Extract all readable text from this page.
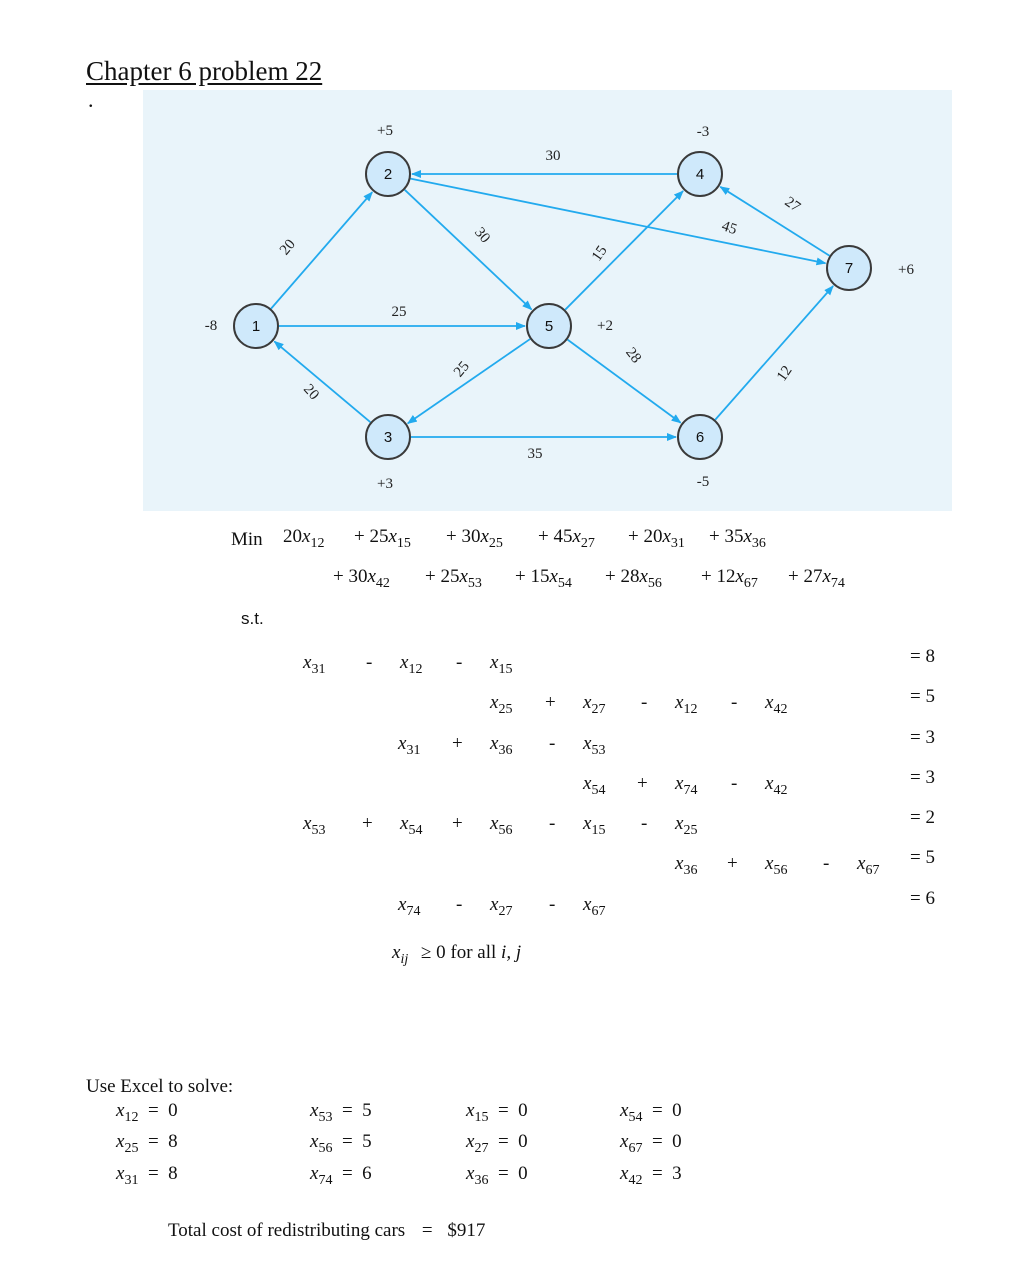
Chapter 6 problem 22
.
20
25
20
30
30	45
15
25
28
35
27
12
1
2
3
4
5
6
7
-8
+5
+3
-3
+2
-5
+6
Min
s.t.
$x_{ij} \ge 0$ for all i, j
Use Excel to solve:
Total cost of redistributing cars = $917
$20x_{12} + 25x_{15} + 30x_{25} + 45x_{27} + 20x_{31} + 35x_{36}$
+ $30x_{42} + 25x_{53} + 15x_{54} + 28x_{56} + 12x_{67} + 27x_{74}$
$x_{31} - x_{12} - x_{15}$
= 8
$x_{25} + x_{27} - x_{12} - x_{42}$
= 5
$x_{31} + x_{36} - x_{53}$
= 3
$x_{54} + x_{74} - x_{42}$
= 3
$x_{53} + x_{54} + x_{56} - x_{15} - x_{25}$
= 2
$x_{36} + x_{56} - x_{67}$
= 5
$x_{74} - x_{27} - x_{67}$
= 6
$x_{12} = 0$
$x_{25} = 8$
$x_{31} = 8$
$x_{53} = 5$
$x_{56} = 5$
$x_{74} = 6$
$x_{15} = 0$
$x_{27} = 0$
$x_{36} = 0$
$x_{54} = 0$
$x_{67} = 0$
$x_{42} = 3$
